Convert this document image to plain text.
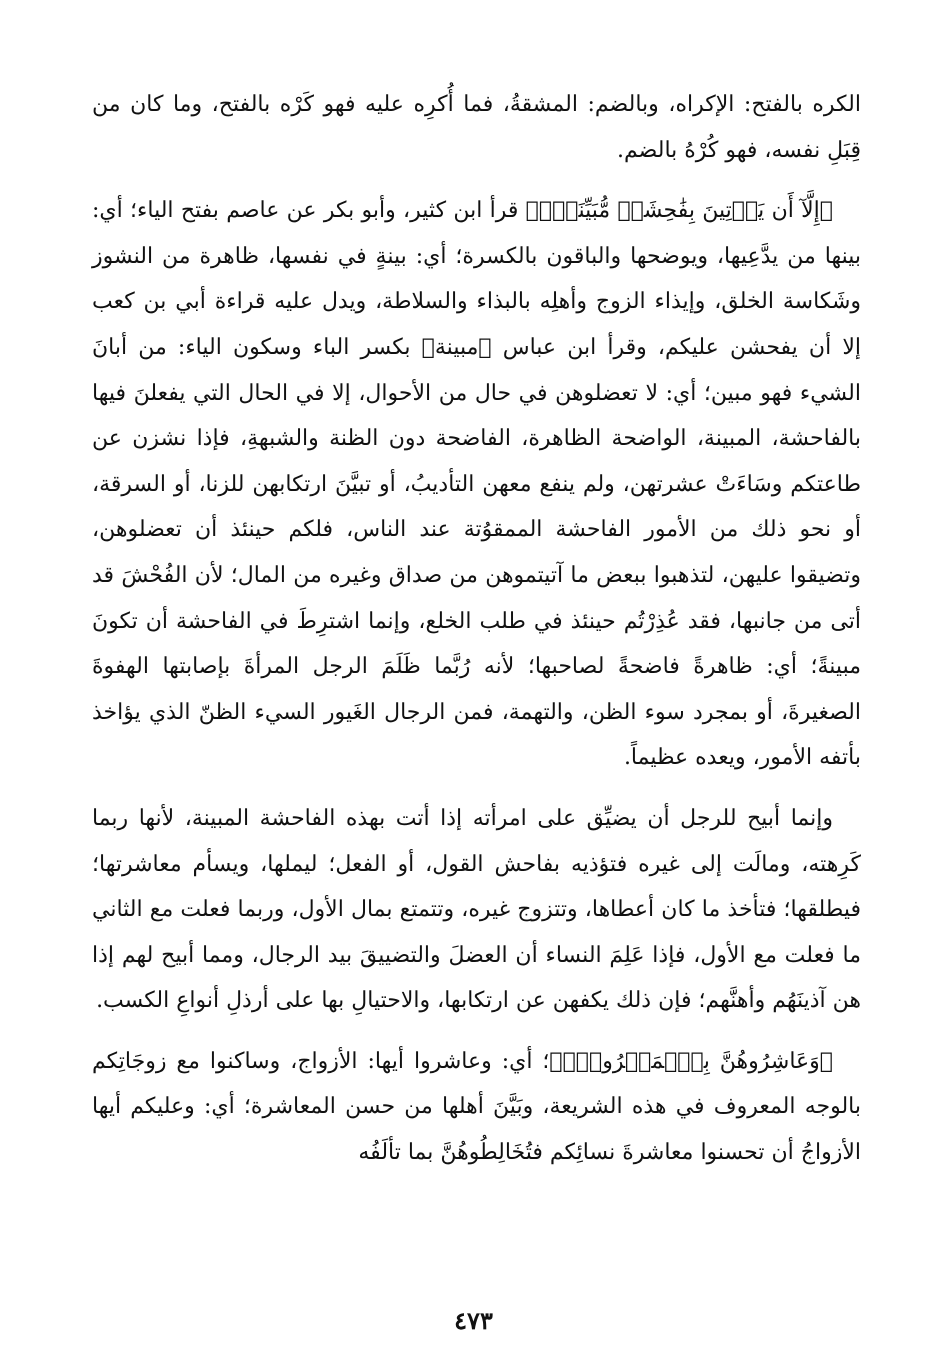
الكره بالفتح: الإكراه، وبالضم: المشقةُ، فما أُكرِه عليه فهو كَرْه بالفتح، وما كان من قِبَلِ نفسه، فهو كُرْهُ بالضم.

﴿إِلَّآ أَن يَأۡتِينَ بِفَٰحِشَةٖ مُّبَيِّنَةٖۚ﴾ قرأ ابن كثير، وأبو بكر عن عاصم بفتح الياء؛ أي: بينها من يدَّعِيها، ويوضحها والباقون بالكسرة؛ أي: بينةٍ في نفسها، ظاهرة من النشوز وشَكاسة الخلق، وإيذاء الزوج وأهلِه بالبذاء والسلاطة، ويدل عليه قراءة أبي بن كعب إلا أن يفحشن عليكم، وقرأ ابن عباس ﴿مبينة﴾ بكسر الباء وسكون الياء: من أبانَ الشيء فهو مبين؛ أي: لا تعضلوهن في حال من الأحوال، إلا في الحال التي يفعلنَ فيها بالفاحشة، المبينة، الواضحة الظاهرة، الفاضحة دون الظنة والشبهةِ، فإذا نشزن عن طاعتكم وسَاءَتْ عشرتهن، ولم ينفع معهن التأديبُ، أو تبيَّنَ ارتكابهن للزنا، أو السرقة، أو نحو ذلك من الأمور الفاحشة الممقوُتة عند الناس، فلكم حينئذ أن تعضلوهن، وتضيقوا عليهن، لتذهبوا ببعض ما آتيتموهن من صداق وغيره من المال؛ لأن الفُحْشَ قد أتى من جانبها، فقد عُذِرْتُم حينئذ في طلب الخلع، وإنما اشترِطَ في الفاحشة أن تكونَ مبينةً؛ أي: ظاهرةً فاضحةً لصاحبها؛ لأنه رُبَّما ظَلَمَ الرجل المرأةَ بإصابتها الهفوةَ الصغيرةَ، أو بمجرد سوء الظن، والتهمة، فمن الرجال الغَيور السيء الظنّ الذي يؤاخذ بأتفه الأمور، ويعده عظيماً.

وإنما أبيح للرجل أن يضيِّق على امرأته إذا أتت بهذه الفاحشة المبينة، لأنها ربما كَرِهته، ومالَت إلى غيره فتؤذيه بفاحش القول، أو الفعل؛ ليملها، ويسأم معاشرتها؛ فيطلقها؛ فتأخذ ما كان أعطاها، وتتزوج غيره، وتتمتع بمال الأول، وربما فعلت مع الثاني ما فعلت مع الأول، فإذا عَلِمَ النساء أن العضلَ والتضييقَ بيد الرجال، ومما أبيح لهم إذا هن آذينَهُم وأهنَّهم؛ فإن ذلك يكفهن عن ارتكابها، والاحتيالِ بها على أرذلِ أنواعِ الكسب.

﴿وَعَاشِرُوهُنَّ بِٱلۡمَعۡرُوفِۚ﴾؛ أي: وعاشروا أيها: الأزواج، وساكنوا مع زوجَاتِكم بالوجه المعروف في هذه الشريعة، وبَيَّنَ أهلها من حسن المعاشرة؛ أي: وعليكم أيها الأزواجُ أن تحسنوا معاشرةَ نسائِكم فتُخَالِطُوهُنَّ بما تألَفُه

٤٧٣
